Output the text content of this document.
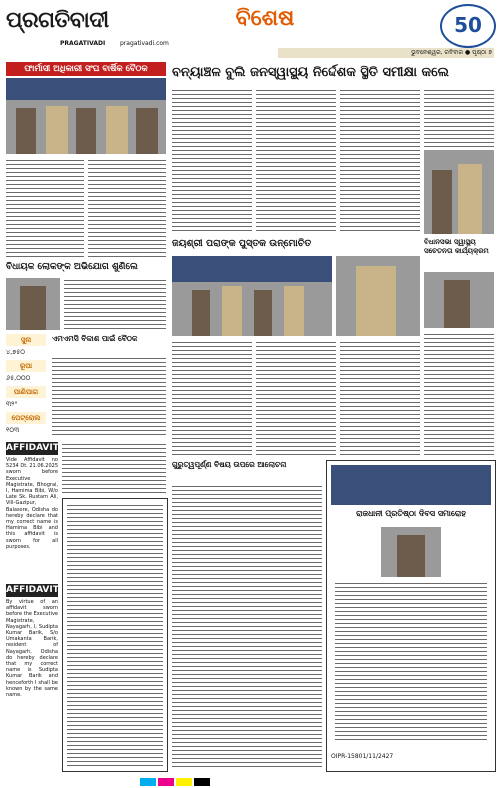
ପ୍ରଗତିବାଦୀ
PRAGATIVADI pragativadi.com
ବିଶେଷ	50
ଭୁବନେଶ୍ୱର, ରବିବାର ● ପୃଷ୍ଠା ୭
ଫାର୍ମାସୀ ଅଧିକାରୀ ସଂଘ ବାର୍ଷିକ ବୈଠକ
ବିଧାୟକ ଲୋକଙ୍କ ଅଭିଯୋଗ ଶୁଣିଲେ
ସୁନା
୪,୭୫୦
ରୂପା
୬୫,୦୦୦
ପାଣିପାଗ
୩୨°
ପେଟ୍ରୋଲ
୧୦୩
ଏମଏମସି ବିକାଶ ପାଇଁ ବୈଠକ
AFFIDAVIT
Vide Affidavit no 5234 Dt. 21.06.2025 sworn before Executive Magistrate, Bhograi, I, Hamima Bibi, W/o Late Sk. Rustam Ali, Vill-Gazipur, Balasore, Odisha do hereby declare that my correct name is Hamima Bibi and this affidavit is sworn for all purposes.
AFFIDAVIT
By virtue of an affidavit sworn before the Executive Magistrate, Nayagarh, I, Sudipta Kumar Barik, S/o Umakanta Barik, resident of Nayagarh, Odisha do hereby declare that my correct name is Sudipta Kumar Barik and henceforth I shall be known by the same name.
ବନ୍ୟାଞ୍ଚଳ ବୁଲି ଜନସ୍ୱାସ୍ଥ୍ୟ ନିର୍ଦ୍ଦେଶକ ସ୍ଥିତି ସମୀକ୍ଷା କଲେ
ଜୟଶ୍ରୀ ପରାଙ୍କ ପୁସ୍ତକ ଉନ୍ମୋଚିତ	ବିଧାନସଭା ସ୍ୱାସ୍ଥ୍ୟ ସଚେତନତା କାର୍ଯ୍ୟକ୍ରମ
ଗୁରୁତ୍ୱପୂର୍ଣ୍ଣ ବିଷୟ ଉପରେ ଆଲୋଚନା
ରାଜଧାନୀ ପ୍ରତିଷ୍ଠା ଦିବସ ସମାରୋହ
OIPR-15801/11/2427
